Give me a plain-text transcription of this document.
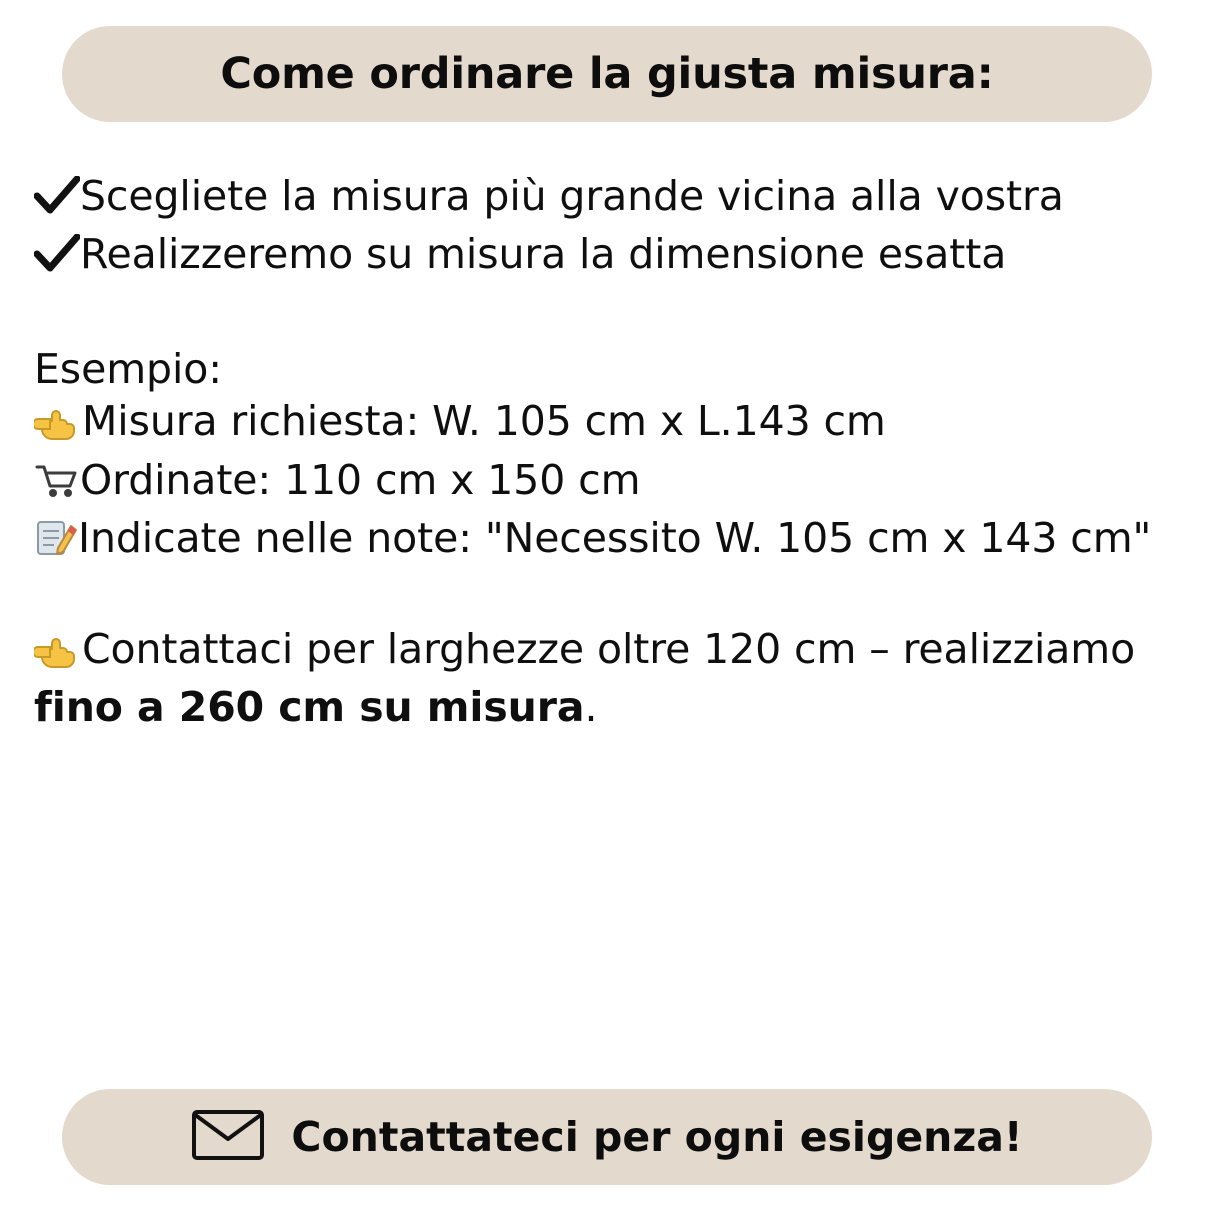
Come ordinare la giusta misura:

Scegliete la misura più grande vicina alla vostra

Realizzeremo su misura la dimensione esatta

Esempio:

Misura richiesta: W. 105 cm x L.143 cm

Ordinate: 110 cm x 150 cm

Indicate nelle note: "Necessito W. 105 cm x 143 cm"

Contattaci per larghezze oltre 120 cm – realizziamo fino a 260 cm su misura.

Contattateci per ogni esigenza!
